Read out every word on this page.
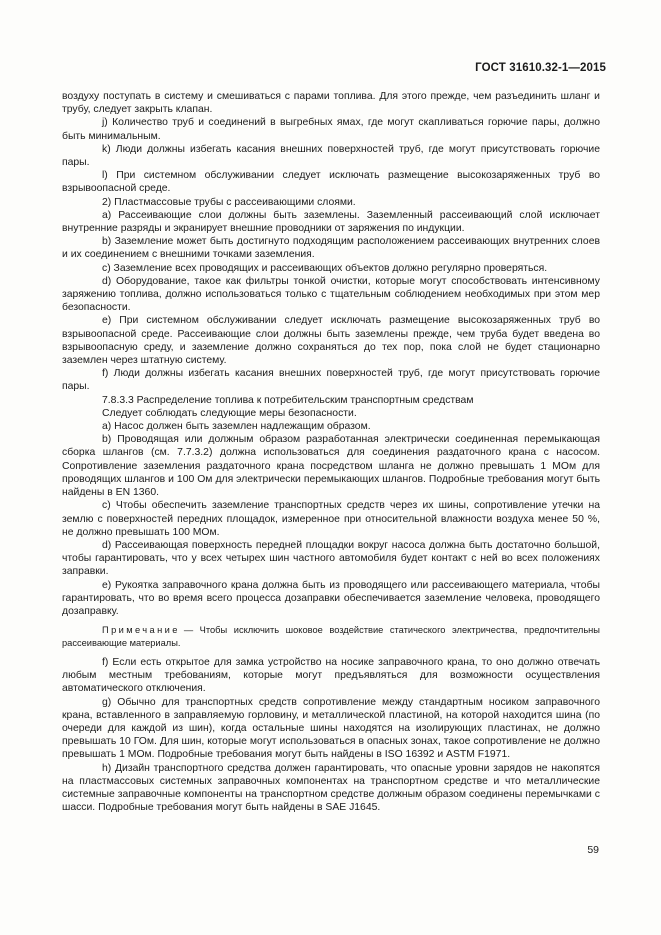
ГОСТ 31610.32-1—2015

воздуху поступать в систему и смешиваться с парами топлива. Для этого прежде, чем разъединить шланг и трубу, следует закрыть клапан.

j) Количество труб и соединений в выгребных ямах, где могут скапливаться горючие пары, должно быть минимальным.

k) Люди должны избегать касания внешних поверхностей труб, где могут присутствовать горючие пары.

l) При системном обслуживании следует исключать размещение высокозаряженных труб во взрывоопасной среде.

2) Пластмассовые трубы с рассеивающими слоями.

a) Рассеивающие слои должны быть заземлены. Заземленный рассеивающий слой исключает внутренние разряды и экранирует внешние проводники от заряжения по индукции.

b) Заземление может быть достигнуто подходящим расположением рассеивающих внутренних слоев и их соединением с внешними точками заземления.

c) Заземление всех проводящих и рассеивающих объектов должно регулярно проверяться.

d) Оборудование, такое как фильтры тонкой очистки, которые могут способствовать интенсивному заряжению топлива, должно использоваться только с тщательным соблюдением необходимых при этом мер безопасности.

e) При системном обслуживании следует исключать размещение высокозаряженных труб во взрывоопасной среде. Рассеивающие слои должны быть заземлены прежде, чем труба будет введена во взрывоопасную среду, и заземление должно сохраняться до тех пор, пока слой не будет стационарно заземлен через штатную систему.

f) Люди должны избегать касания внешних поверхностей труб, где могут присутствовать горючие пары.

7.8.3.3 Распределение топлива к потребительским транспортным средствам

Следует соблюдать следующие меры безопасности.

a) Насос должен быть заземлен надлежащим образом.

b) Проводящая или должным образом разработанная электрически соединенная перемыкающая сборка шлангов (см. 7.7.3.2) должна использоваться для соединения раздаточного крана с насосом. Сопротивление заземления раздаточного крана посредством шланга не должно превышать 1 МОм для проводящих шлангов и 100 Ом для электрически перемыкающих шлангов. Подробные требования могут быть найдены в EN 1360.

c) Чтобы обеспечить заземление транспортных средств через их шины, сопротивление утечки на землю с поверхностей передних площадок, измеренное при относительной влажности воздуха менее 50 %, не должно превышать 100 МОм.

d) Рассеивающая поверхность передней площадки вокруг насоса должна быть достаточно большой, чтобы гарантировать, что у всех четырех шин частного автомобиля будет контакт с ней во всех положениях заправки.

e) Рукоятка заправочного крана должна быть из проводящего или рассеивающего материала, чтобы гарантировать, что во время всего процесса дозаправки обеспечивается заземление человека, проводящего дозаправку.

Примечание — Чтобы исключить шоковое воздействие статического электричества, предпочтительны рассеивающие материалы.

f) Если есть открытое для замка устройство на носике заправочного крана, то оно должно отвечать любым местным требованиям, которые могут предъявляться для возможности осуществления автоматического отключения.

g) Обычно для транспортных средств сопротивление между стандартным носиком заправочного крана, вставленного в заправляемую горловину, и металлической пластиной, на которой находится шина (по очереди для каждой из шин), когда остальные шины находятся на изолирующих пластинах, не должно превышать 10 ГОм. Для шин, которые могут использоваться в опасных зонах, такое сопротивление не должно превышать 1 МОм. Подробные требования могут быть найдены в ISO 16392 и ASTM F1971.

h) Дизайн транспортного средства должен гарантировать, что опасные уровни зарядов не накопятся на пластмассовых системных заправочных компонентах на транспортном средстве и что металлические системные заправочные компоненты на транспортном средстве должным образом соединены перемычками с шасси. Подробные требования могут быть найдены в SAE J1645.

59
